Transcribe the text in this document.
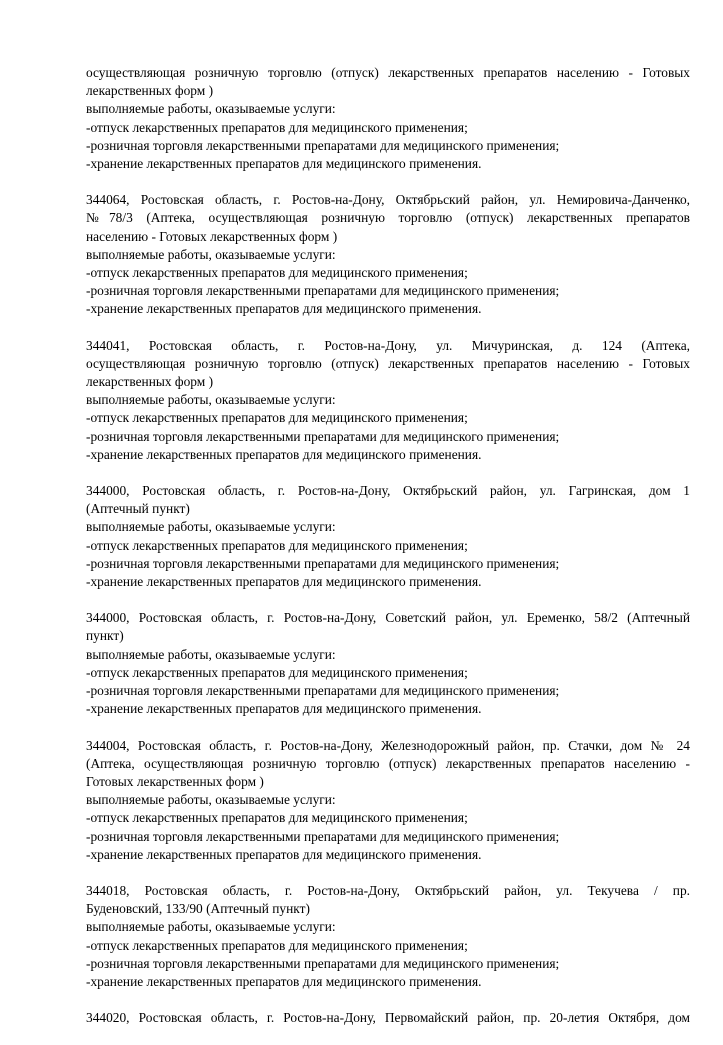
осуществляющая розничную торговлю (отпуск) лекарственных препаратов населению - Готовых
лекарственных форм )
выполняемые работы, оказываемые услуги:
-отпуск лекарственных препаратов для медицинского применения;
-розничная торговля лекарственными препаратами для медицинского применения;
-хранение лекарственных препаратов для медицинского применения.
344064, Ростовская область, г. Ростов-на-Дону, Октябрьский район, ул. Немировича-Данченко,
№78/3 (Аптека, осуществляющая розничную торговлю (отпуск) лекарственных препаратов
населению - Готовых лекарственных форм )
выполняемые работы, оказываемые услуги:
-отпуск лекарственных препаратов для медицинского применения;
-розничная торговля лекарственными препаратами для медицинского применения;
-хранение лекарственных препаратов для медицинского применения.
344041, Ростовская область, г. Ростов-на-Дону, ул. Мичуринская, д. 124 (Аптека,
осуществляющая розничную торговлю (отпуск) лекарственных препаратов населению - Готовых
лекарственных форм )
выполняемые работы, оказываемые услуги:
-отпуск лекарственных препаратов для медицинского применения;
-розничная торговля лекарственными препаратами для медицинского применения;
-хранение лекарственных препаратов для медицинского применения.
344000, Ростовская область, г. Ростов-на-Дону, Октябрьский район, ул. Гагринская, дом 1
(Аптечный пункт)
выполняемые работы, оказываемые услуги:
-отпуск лекарственных препаратов для медицинского применения;
-розничная торговля лекарственными препаратами для медицинского применения;
-хранение лекарственных препаратов для медицинского применения.
344000, Ростовская область, г. Ростов-на-Дону, Советский район, ул. Еременко, 58/2 (Аптечный
пункт)
выполняемые работы, оказываемые услуги:
-отпуск лекарственных препаратов для медицинского применения;
-розничная торговля лекарственными препаратами для медицинского применения;
-хранение лекарственных препаратов для медицинского применения.
344004, Ростовская область, г. Ростов-на-Дону, Железнодорожный район, пр. Стачки, дом № 24
(Аптека, осуществляющая розничную торговлю (отпуск) лекарственных препаратов населению -
Готовых лекарственных форм )
выполняемые работы, оказываемые услуги:
-отпуск лекарственных препаратов для медицинского применения;
-розничная торговля лекарственными препаратами для медицинского применения;
-хранение лекарственных препаратов для медицинского применения.
344018, Ростовская область, г. Ростов-на-Дону, Октябрьский район, ул. Текучева / пр.
Буденовский, 133/90 (Аптечный пункт)
выполняемые работы, оказываемые услуги:
-отпуск лекарственных препаратов для медицинского применения;
-розничная торговля лекарственными препаратами для медицинского применения;
-хранение лекарственных препаратов для медицинского применения.
344020, Ростовская область, г. Ростов-на-Дону, Первомайский район, пр. 20-летия Октября, дом
